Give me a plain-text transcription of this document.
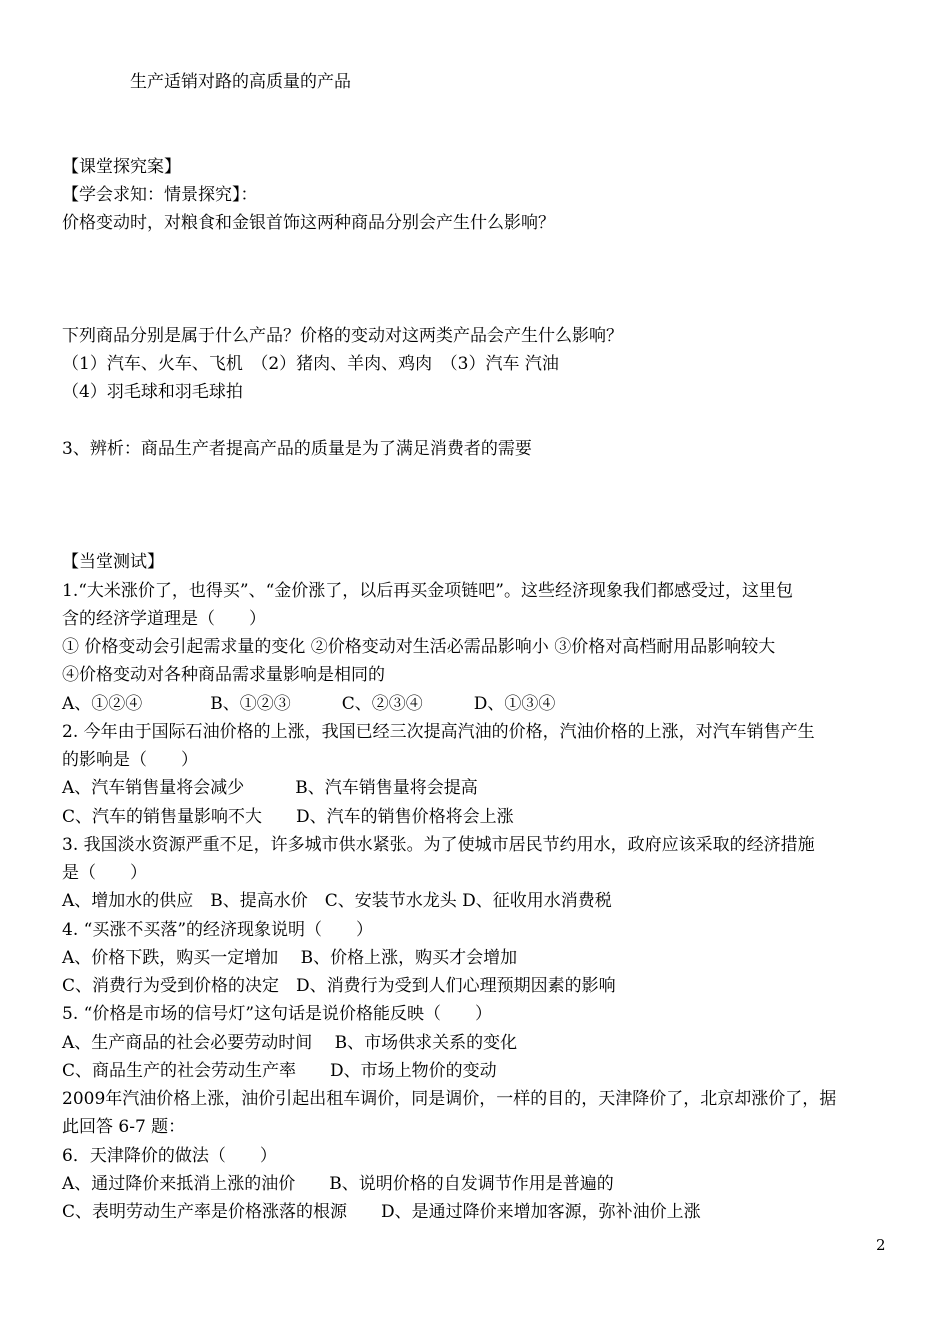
生产适销对路的高质量的产品
【课堂探究案】
【学会求知：情景探究】：
价格变动时，对粮食和金银首饰这两种商品分别会产生什么影响？
下列商品分别是属于什么产品？价格的变动对这两类产品会产生什么影响？
（1）汽车、火车、飞机　（2）猪肉、羊肉、鸡肉　（3）汽车 汽油
（4）羽毛球和羽毛球拍
3、辨析：商品生产者提高产品的质量是为了满足消费者的需要
【当堂测试】
1.“大米涨价了，也得买”、“金价涨了，以后再买金项链吧”。这些经济现象我们都感受过，这里包
含的经济学道理是（　　）
① 价格变动会引起需求量的变化 ②价格变动对生活必需品影响小 ③价格对高档耐用品影响较大
④价格变动对各种商品需求量影响是相同的
A、①②④　　　　B、①②③　　　C、②③④　　　D、①③④
2. 今年由于国际石油价格的上涨，我国已经三次提高汽油的价格，汽油价格的上涨，对汽车销售产生
的影响是（　　）
A、汽车销售量将会减少　　　B、汽车销售量将会提高
C、汽车的销售量影响不大　　D、汽车的销售价格将会上涨
3. 我国淡水资源严重不足，许多城市供水紧张。为了使城市居民节约用水，政府应该采取的经济措施
是（　　）
A、增加水的供应　B、提高水价　C、安装节水龙头 D、征收用水消费税
4. “买涨不买落”的经济现象说明（　　）
A、价格下跌，购买一定增加　 B、价格上涨，购买才会增加
C、消费行为受到价格的决定　D、消费行为受到人们心理预期因素的影响
5. “价格是市场的信号灯”这句话是说价格能反映（　　）
A、生产商品的社会必要劳动时间　 B、市场供求关系的变化
C、商品生产的社会劳动生产率　　D、市场上物价的变动
2009年汽油价格上涨，油价引起出租车调价，同是调价，一样的目的，天津降价了，北京却涨价了，据
此回答 6-7 题：
6．天津降价的做法（　　）
A、通过降价来抵消上涨的油价　　B、说明价格的自发调节作用是普遍的
C、表明劳动生产率是价格涨落的根源　　D、是通过降价来增加客源，弥补油价上涨
2
